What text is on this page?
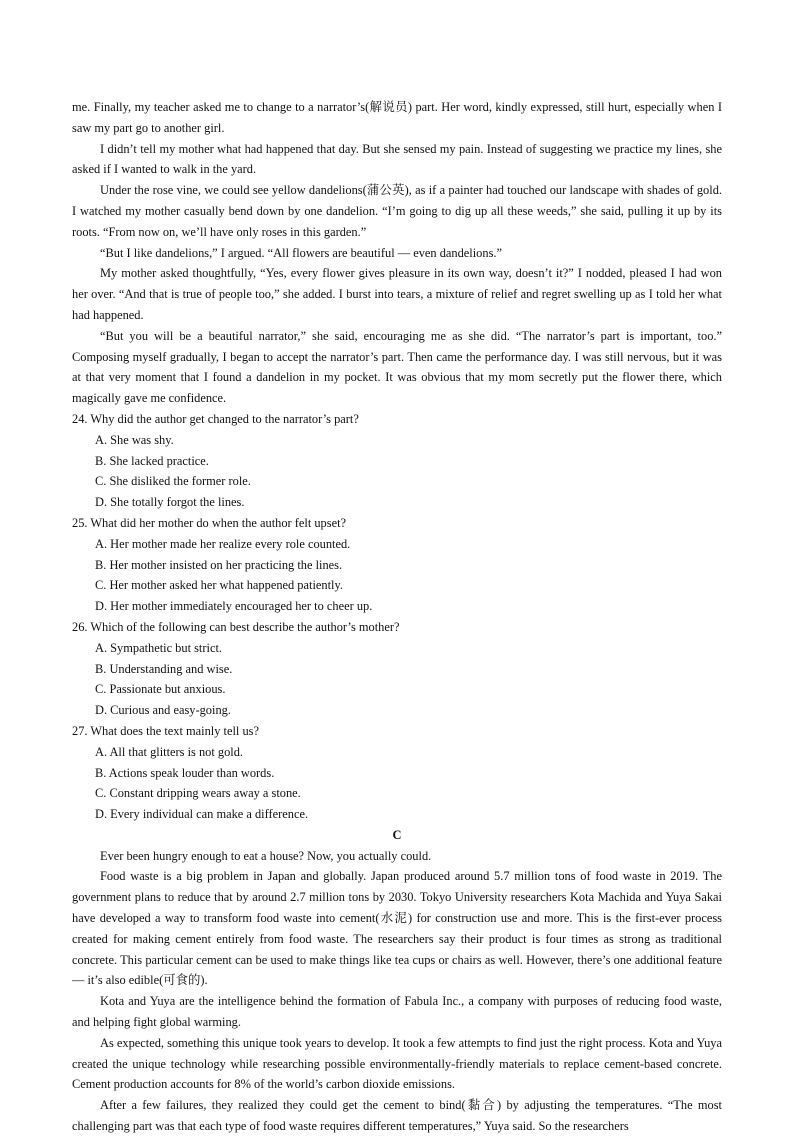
me. Finally, my teacher asked me to change to a narrator’s(解说员) part. Her word, kindly expressed, still hurt, especially when I saw my part go to another girl.

I didn’t tell my mother what had happened that day. But she sensed my pain. Instead of suggesting we practice my lines, she asked if I wanted to walk in the yard.

Under the rose vine, we could see yellow dandelions(蒲公英), as if a painter had touched our landscape with shades of gold. I watched my mother casually bend down by one dandelion. “I’m going to dig up all these weeds,” she said, pulling it up by its roots. “From now on, we’ll have only roses in this garden.”

“But I like dandelions,” I argued. “All flowers are beautiful — even dandelions.”

My mother asked thoughtfully, “Yes, every flower gives pleasure in its own way, doesn’t it?” I nodded, pleased I had won her over. “And that is true of people too,” she added. I burst into tears, a mixture of relief and regret swelling up as I told her what had happened.

“But you will be a beautiful narrator,” she said, encouraging me as she did. “The narrator’s part is important, too.” Composing myself gradually, I began to accept the narrator’s part. Then came the performance day. I was still nervous, but it was at that very moment that I found a dandelion in my pocket. It was obvious that my mom secretly put the flower there, which magically gave me confidence.

24. Why did the author get changed to the narrator’s part?
A. She was shy.
B. She lacked practice.
C. She disliked the former role.
D. She totally forgot the lines.
25. What did her mother do when the author felt upset?
A. Her mother made her realize every role counted.
B. Her mother insisted on her practicing the lines.
C. Her mother asked her what happened patiently.
D. Her mother immediately encouraged her to cheer up.
26. Which of the following can best describe the author’s mother?
A. Sympathetic but strict.
B. Understanding and wise.
C. Passionate but anxious.
D. Curious and easy-going.
27. What does the text mainly tell us?
A. All that glitters is not gold.
B. Actions speak louder than words.
C. Constant dripping wears away a stone.
D. Every individual can make a difference.
C

Ever been hungry enough to eat a house? Now, you actually could.

Food waste is a big problem in Japan and globally. Japan produced around 5.7 million tons of food waste in 2019. The government plans to reduce that by around 2.7 million tons by 2030. Tokyo University researchers Kota Machida and Yuya Sakai have developed a way to transform food waste into cement(水泥) for construction use and more. This is the first-ever process created for making cement entirely from food waste. The researchers say their product is four times as strong as traditional concrete. This particular cement can be used to make things like tea cups or chairs as well. However, there’s one additional feature — it’s also edible(可食的).

Kota and Yuya are the intelligence behind the formation of Fabula Inc., a company with purposes of reducing food waste, and helping fight global warming.

As expected, something this unique took years to develop. It took a few attempts to find just the right process. Kota and Yuya created the unique technology while researching possible environmentally-friendly materials to replace cement-based concrete. Cement production accounts for 8% of the world’s carbon dioxide emissions.

After a few failures, they realized they could get the cement to bind(黏合) by adjusting the temperatures. “The most challenging part was that each type of food waste requires different temperatures,” Yuya said. So the researchers
